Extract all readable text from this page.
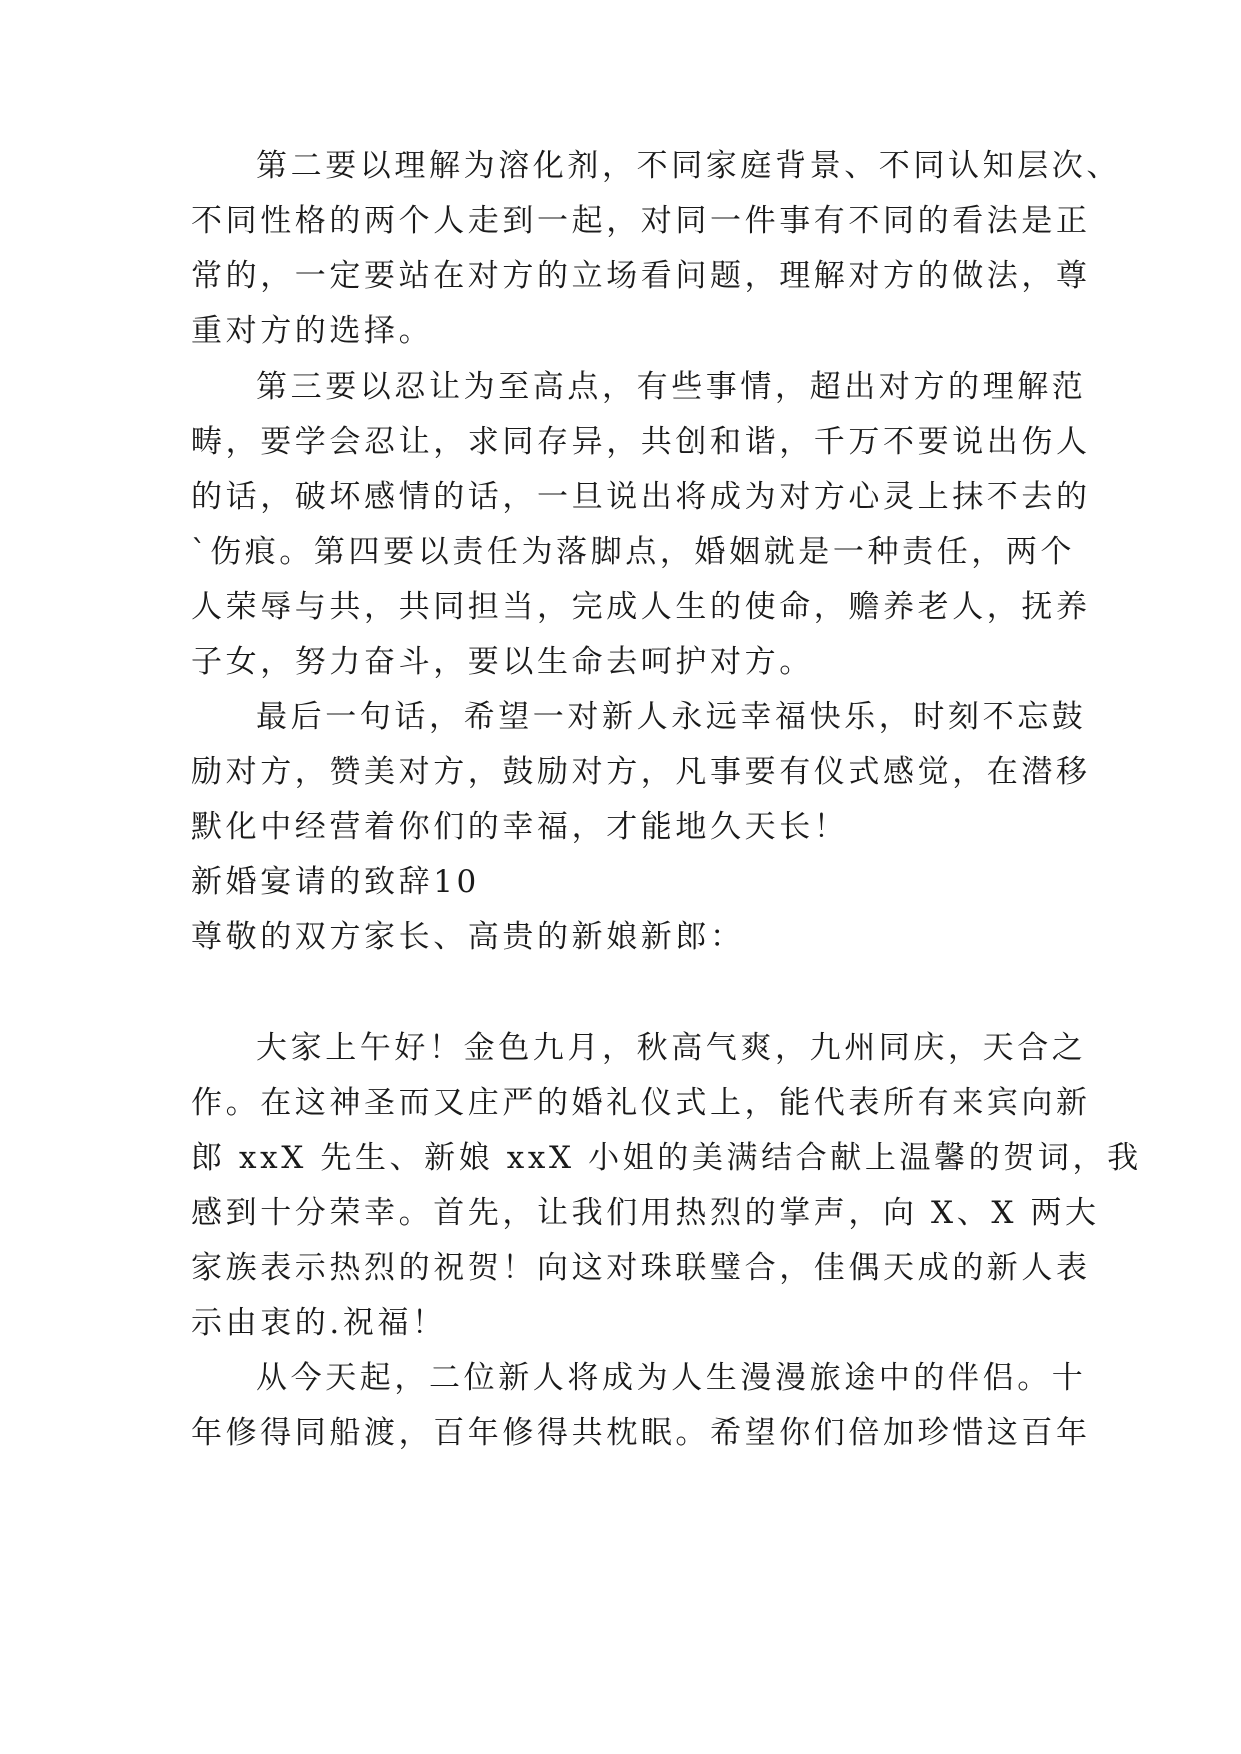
第二要以理解为溶化剂，不同家庭背景、不同认知层次、
不同性格的两个人走到一起，对同一件事有不同的看法是正
常的，一定要站在对方的立场看问题，理解对方的做法，尊
重对方的选择。
第三要以忍让为至高点，有些事情，超出对方的理解范
畴，要学会忍让，求同存异，共创和谐，千万不要说出伤人
的话，破坏感情的话，一旦说出将成为对方心灵上抹不去的
`伤痕。第四要以责任为落脚点，婚姻就是一种责任，两个
人荣辱与共，共同担当，完成人生的使命，赡养老人，抚养
子女，努力奋斗，要以生命去呵护对方。
最后一句话，希望一对新人永远幸福快乐，时刻不忘鼓
励对方，赞美对方，鼓励对方，凡事要有仪式感觉，在潜移
默化中经营着你们的幸福，才能地久天长！
新婚宴请的致辞10
尊敬的双方家长、高贵的新娘新郎：
大家上午好！金色九月，秋高气爽，九州同庆，天合之
作。在这神圣而又庄严的婚礼仪式上，能代表所有来宾向新
郎 xxX 先生、新娘 xxX 小姐的美满结合献上温馨的贺词，我
感到十分荣幸。首先，让我们用热烈的掌声，向 X、X 两大
家族表示热烈的祝贺！向这对珠联璧合，佳偶天成的新人表
示由衷的.祝福！
从今天起，二位新人将成为人生漫漫旅途中的伴侣。十
年修得同船渡，百年修得共枕眠。希望你们倍加珍惜这百年
